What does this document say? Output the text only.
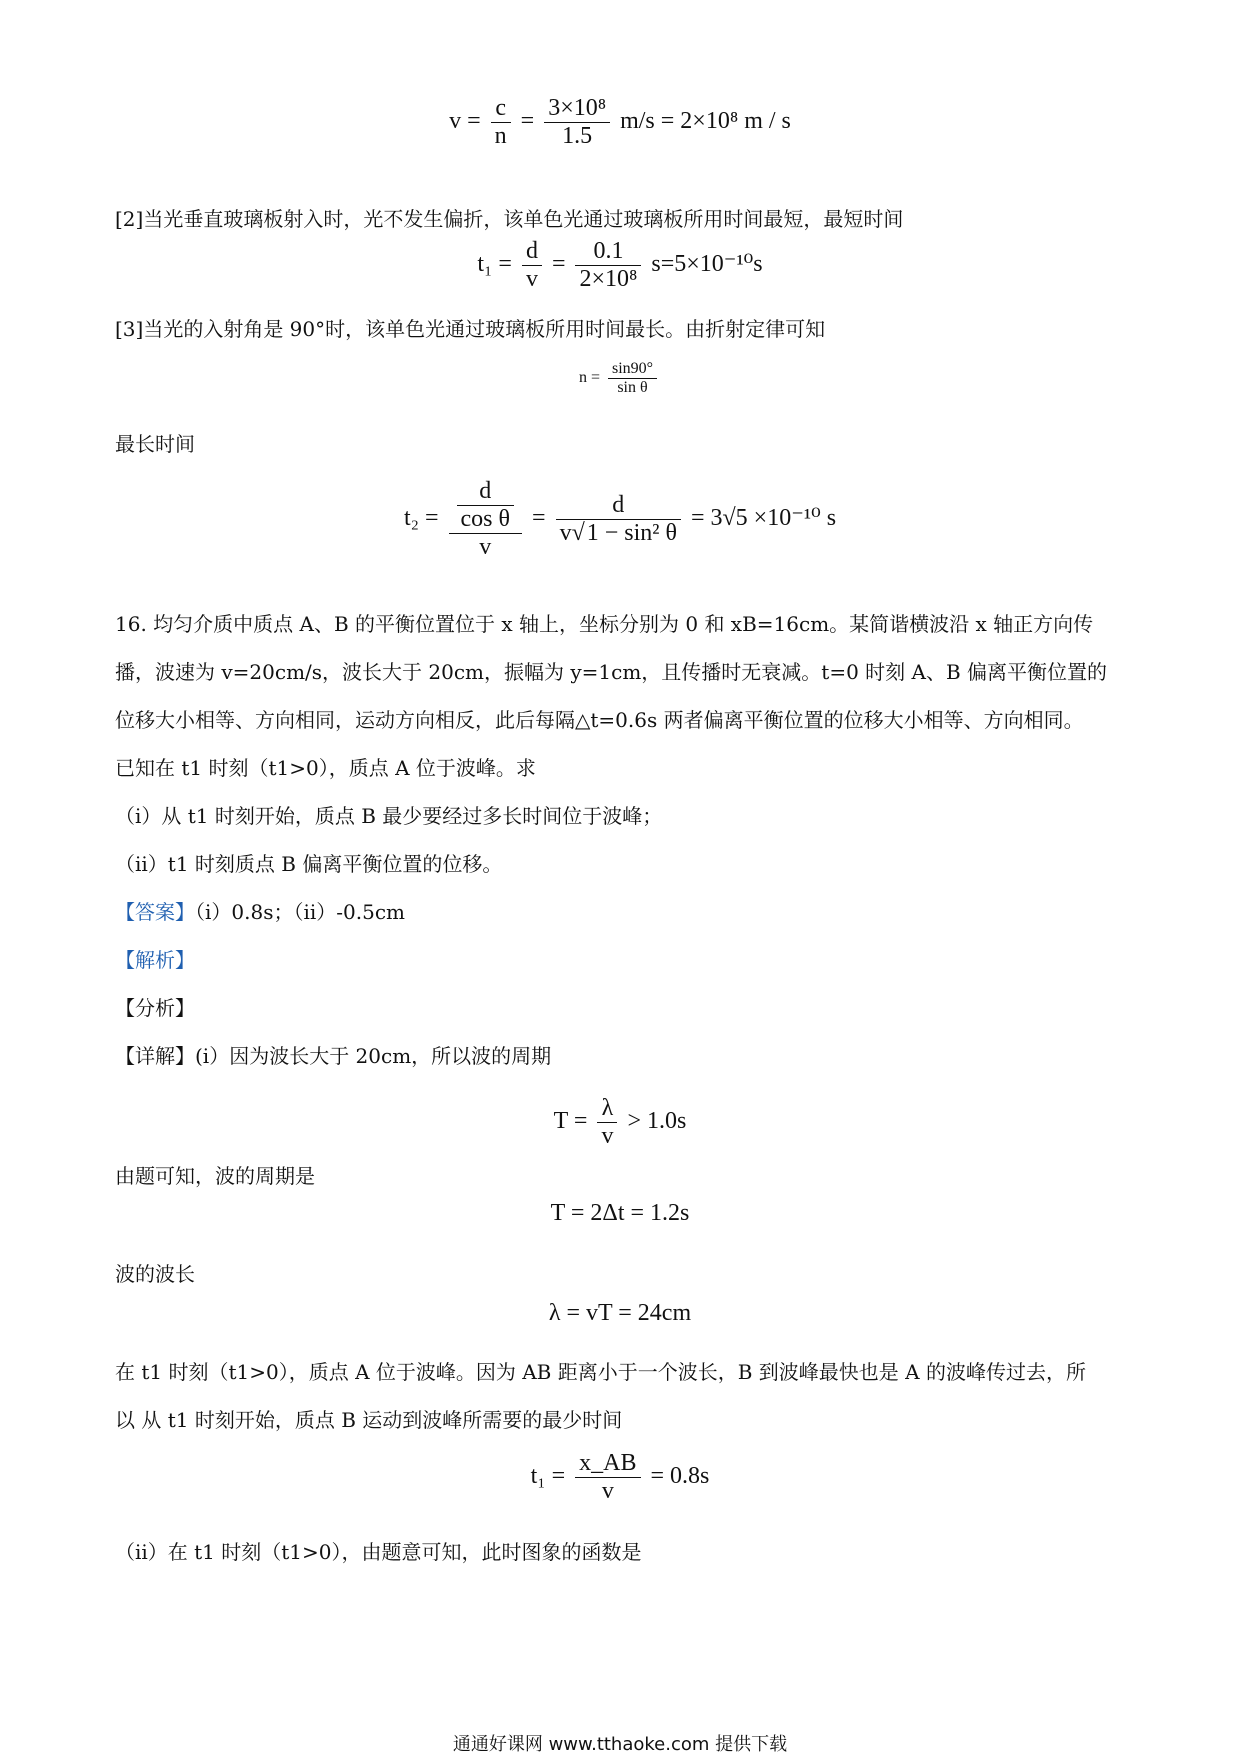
$v = \frac{c}{n} = \frac{\text{3×10⁸}}{1.5} m/s = 2\times 10^8$ m / s
[2]当光垂直玻璃板射入时，光不发生偏折，该单色光通过玻璃板所用时间最短，最短时间
$t_1 = \frac{d}{v} = \frac{0.1}{\text{2×10⁸}} s=5\times 10^{-10}s$
[3]当光的入射角是 90°时，该单色光通过玻璃板所用时间最长。由折射定律可知
$n = \frac{\sin 90^\circ}{\text{sin θ}}$
最长时间
$t_2 = \frac{\frac{d}{\text{cos θ}}}{v} = \frac{d}{\text{v√1 − sin² θ}} = 3√5 \times 10^{-10}$ s
16. 均匀介质中质点 A、B 的平衡位置位于 x 轴上，坐标分别为 0 和 xB=16cm。某简谐横波沿 x 轴正方向传
播，波速为 v=20cm/s，波长大于 20cm，振幅为 y=1cm，且传播时无衰减。t=0 时刻 A、B 偏离平衡位置的
位移大小相等、方向相同，运动方向相反，此后每隔△t=0.6s 两者偏离平衡位置的位移大小相等、方向相同。
已知在 t1 时刻（t1>0），质点 A 位于波峰。求
（i）从 t1 时刻开始，质点 B 最少要经过多长时间位于波峰；
（ii）t1 时刻质点 B 偏离平衡位置的位移。
【答案】（i）0.8s；（ii）-0.5cm
【解析】
【分析】
【详解】(i）因为波长大于 20cm，所以波的周期
$T = \frac{\lambda}{v} > 1.0s$
由题可知，波的周期是
T = 2Δt = 1.2s
波的波长
λ = vT = 24cm
在 t1 时刻（t1>0），质点 A 位于波峰。因为 AB 距离小于一个波长，B 到波峰最快也是 A 的波峰传过去，所
以 从 t1 时刻开始，质点 B 运动到波峰所需要的最少时间
$t_1 = \frac{x\_AB}{v} = 0.8s$
（ii）在 t1 时刻（t1>0），由题意可知，此时图象的函数是
通通好课网 www.tthaoke.com 提供下载
